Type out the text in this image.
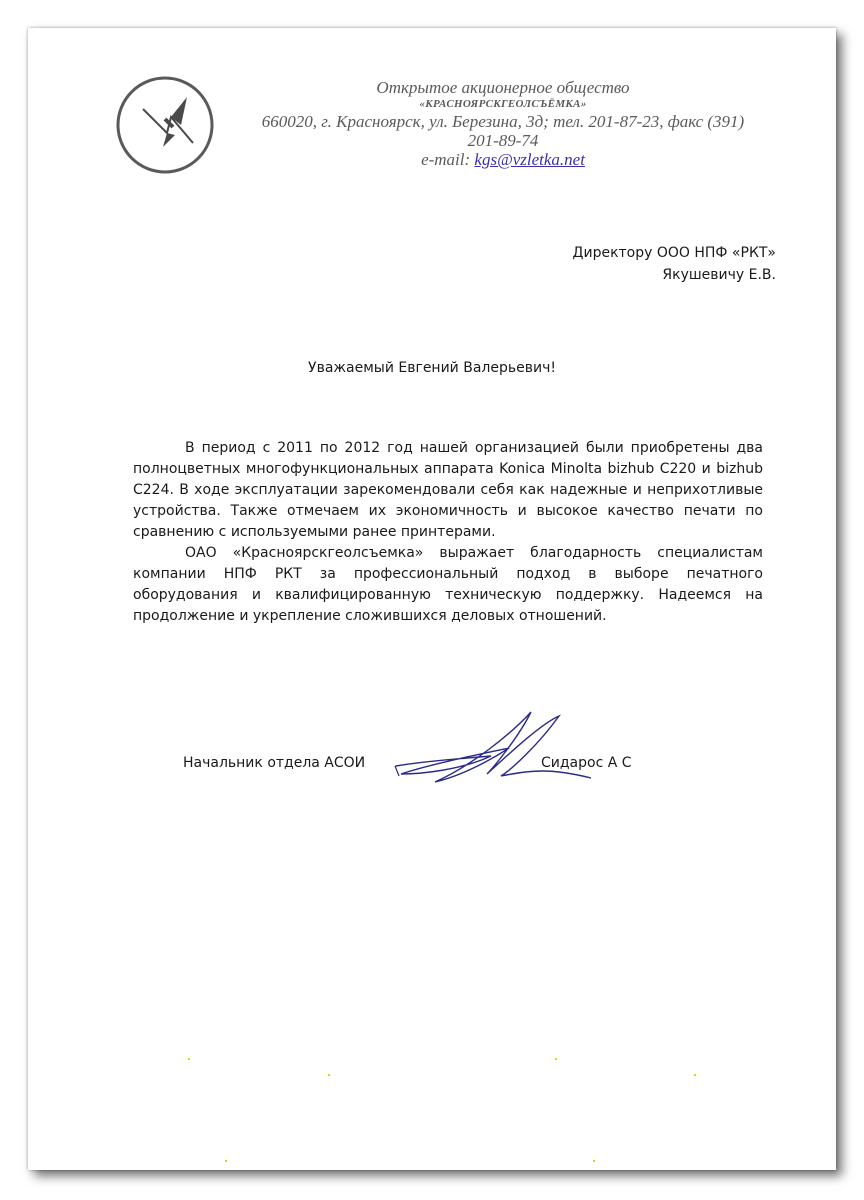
Открытое акционерное общество
«КРАСНОЯРСКГЕОЛСЪЁМКА»
660020, г. Красноярск, ул. Березина, 3д; тел. 201-87-23, факс (391)
201-89-74
e-mail: kgs@vzletka.net
Директору ООО НПФ «РКТ»
Якушевичу Е.В.
Уважаемый Евгений Валерьевич!

В период с 2011 по 2012 год нашей организацией были приобретены два полноцветных многофункциональных аппарата Konica Minolta bizhub C220 и bizhub C224. В ходе эксплуатации зарекомендовали себя как надежные и неприхотливые устройства. Также отмечаем их экономичность и высокое качество печати по сравнению с используемыми ранее принтерами.

ОАО «Красноярскгеолсъемка» выражает благодарность специалистам компании НПФ РКТ за профессиональный подход в выборе печатного оборудования и квалифицированную техническую поддержку. Надеемся на продолжение и укрепление сложившихся деловых отношений.

Начальник отдела АСОИ	Сидарос А С
